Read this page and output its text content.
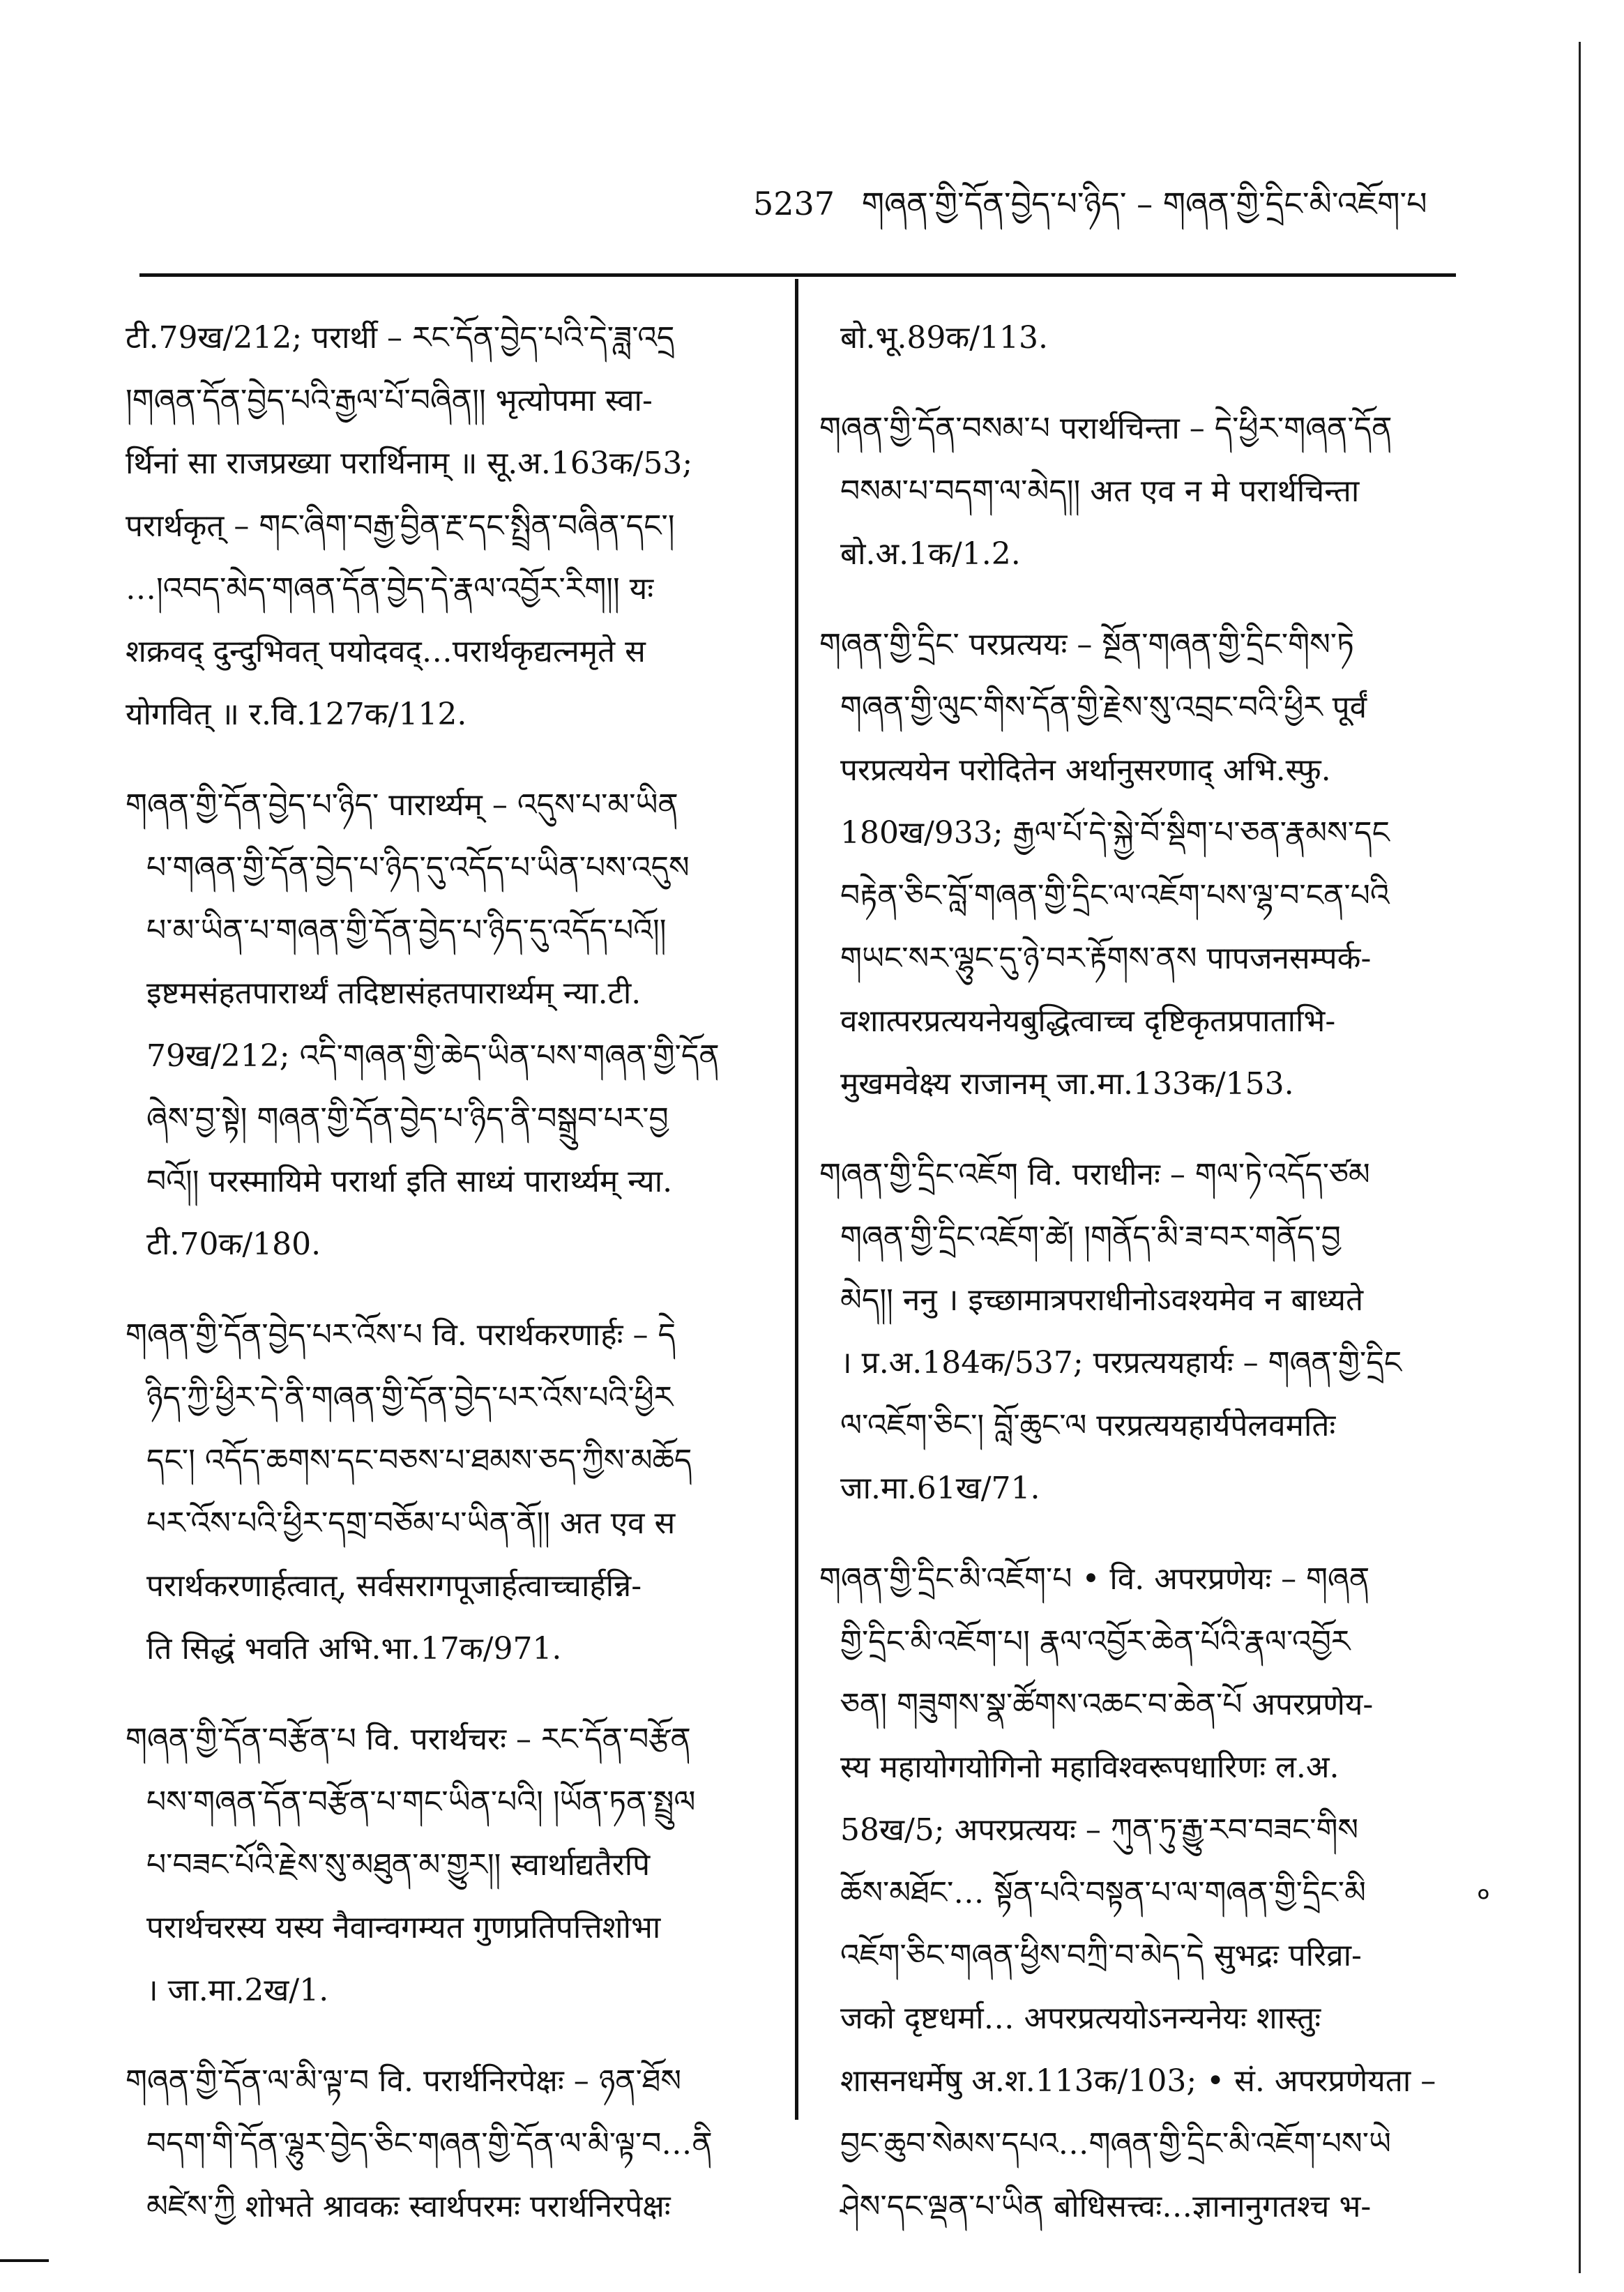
5237 གཞན་གྱི་དོན་བྱེད་པ་ཉིད་ – གཞན་གྱི་དྲིང་མི་འཇོག་པ
टी.79ख/212; परार्थी – རང་དོན་བྱེད་པའི་དེ་ཟླ་འདྲ
།གཞན་དོན་བྱེད་པའི་རྒྱལ་པོ་བཞིན།། भृत्योपमा स्वा-
र्थिनां सा राजप्रख्या परार्थिनाम् ॥ सू.अ.163क/53;
परार्थकृत् – གང་ཞིག་བརྒྱ་བྱིན་རྔ་དང་སྤྲིན་བཞིན་དང་།
…།འབད་མེད་གཞན་དོན་བྱེད་དེ་རྣལ་འབྱོར་རིག།། यः
शक्रवद् दुन्दुभिवत् पयोदवद्…परार्थकृद्यत्नमृते स
योगवित् ॥ र.वि.127क/112.
གཞན་གྱི་དོན་བྱེད་པ་ཉིད་ पारार्थ्यम् – འདུས་པ་མ་ཡིན
པ་གཞན་གྱི་དོན་བྱེད་པ་ཉིད་དུ་འདོད་པ་ཡིན་པས་འདུས
པ་མ་ཡིན་པ་གཞན་གྱི་དོན་བྱེད་པ་ཉིད་དུ་འདོད་པའོ།།
इष्टमसंहतपारार्थ्यं तदिष्टासंहतपारार्थ्यम् न्या.टी.
79ख/212; འདི་གཞན་གྱི་ཆེད་ཡིན་པས་གཞན་གྱི་དོན
ཞེས་བྱ་སྟེ། གཞན་གྱི་དོན་བྱེད་པ་ཉིད་ནི་བསྒྲུབ་པར་བྱ
བའོ།། परस्मायिमे परार्था इति साध्यं पारार्थ्यम् न्या.
टी.70क/180.
གཞན་གྱི་དོན་བྱེད་པར་འོས་པ वि. परार्थकरणार्हः – དེ
ཉིད་ཀྱི་ཕྱིར་དེ་ནི་གཞན་གྱི་དོན་བྱེད་པར་འོས་པའི་ཕྱིར
དང་། འདོད་ཆགས་དང་བཅས་པ་ཐམས་ཅད་ཀྱིས་མཆོད
པར་འོས་པའི་ཕྱིར་དགྲ་བཅོམ་པ་ཡིན་ནོ།། अत एव स
परार्थकरणार्हत्वात्, सर्वसरागपूजार्हत्वाच्चार्हन्नि-
ति सिद्धं भवति अभि.भा.17क/971.
གཞན་གྱི་དོན་བརྩོན་པ वि. परार्थचरः – རང་དོན་བརྩོན
པས་གཞན་དོན་བརྩོན་པ་གང་ཡིན་པའི། །ཡོན་ཏན་སྤྲུལ
པ་བཟང་པོའི་རྗེས་སུ་མཐུན་མ་གྱུར།། स्वार्थाद्यतैरपि
परार्थचरस्य यस्य नैवान्वगम्यत गुणप्रतिपत्तिशोभा
। जा.मा.2ख/1.
གཞན་གྱི་དོན་ལ་མི་ལྟ་བ वि. परार्थनिरपेक्षः – ཉན་ཐོས
བདག་གི་དོན་ལྷུར་བྱེད་ཅིང་གཞན་གྱི་དོན་ལ་མི་ལྟ་བ…ནི
མཛེས་ཀྱི शोभते श्रावकः स्वार्थपरमः परार्थनिरपेक्षः
बो.भू.89क/113.
གཞན་གྱི་དོན་བསམ་པ परार्थचिन्ता – དེ་ཕྱིར་གཞན་དོན
བསམ་པ་བདག་ལ་མེད།། अत एव न मे परार्थचिन्ता
बो.अ.1क/1.2.
གཞན་གྱི་དྲིང་ परप्रत्ययः – སྔོན་གཞན་གྱི་དྲིང་གིས་ཏེ
གཞན་གྱི་ལུང་གིས་དོན་གྱི་རྗེས་སུ་འབྲང་བའི་ཕྱིར पूर्वं
परप्रत्ययेन परोदितेन अर्थानुसरणाद् अभि.स्फु.
180ख/933; རྒྱལ་པོ་དེ་སྐྱེ་བོ་སྡིག་པ་ཅན་རྣམས་དང
བརྟེན་ཅིང་བློ་གཞན་གྱི་དྲིང་ལ་འཇོག་པས་ལྷ་བ་ངན་པའི
གཡང་སར་ལྷུང་དུ་ཉེ་བར་རྟོགས་ནས पापजनसम्पर्क-
वशात्परप्रत्ययनेयबुद्धित्वाच्च दृष्टिकृतप्रपाताभि-
मुखमवेक्ष्य राजानम् जा.मा.133क/153.
གཞན་གྱི་དྲིང་འཇོག वि. पराधीनः – གལ་ཏེ་འདོད་ཙམ
གཞན་གྱི་དྲིང་འཇོག་ཚེ། །གནོད་མི་ཟ་བར་གནོད་བྱ
མེད།། ननु । इच्छामात्रपराधीनोऽवश्यमेव न बाध्यते
। प्र.अ.184क/537; परप्रत्ययहार्यः – གཞན་གྱི་དྲིང
ལ་འཇོག་ཅིང་། བློ་ཆུང་ལ परप्रत्ययहार्यपेलवमतिः
जा.मा.61ख/71.
གཞན་གྱི་དྲིང་མི་འཇོག་པ • वि. अपरप्रणेयः – གཞན
གྱི་དྲིང་མི་འཇོག་པ། རྣལ་འབྱོར་ཆེན་པོའི་རྣལ་འབྱོར
ཅན། གཟུགས་སྣ་ཚོགས་འཆང་བ་ཆེན་པོ अपरप्रणेय-
स्य महायोगयोगिनो महाविश्वरूपधारिणः ल.अ.
58ख/5; अपरप्रत्ययः – ཀུན་ཏུ་རྒྱུ་རབ་བཟང་གིས
ཆོས་མཐོང་… སྟོན་པའི་བསྟན་པ་ལ་གཞན་གྱི་དྲིང་མི
འཇོག་ཅིང་གཞན་ཕྱིས་བཀྲི་བ་མེད་དེ सुभद्रः परिव्रा-
जको दृष्टधर्मा… अपरप्रत्ययोऽनन्यनेयः शास्तुः
शासनधर्मेषु अ.श.113क/103; • सं. अपरप्रणेयता –
བྱང་ཆུབ་སེམས་དཔའ…གཞན་གྱི་དྲིང་མི་འཇོག་པས་ཡེ
ཤེས་དང་ལྡན་པ་ཡིན बोधिसत्त्वः…ज्ञानानुगतश्च भ-
०
